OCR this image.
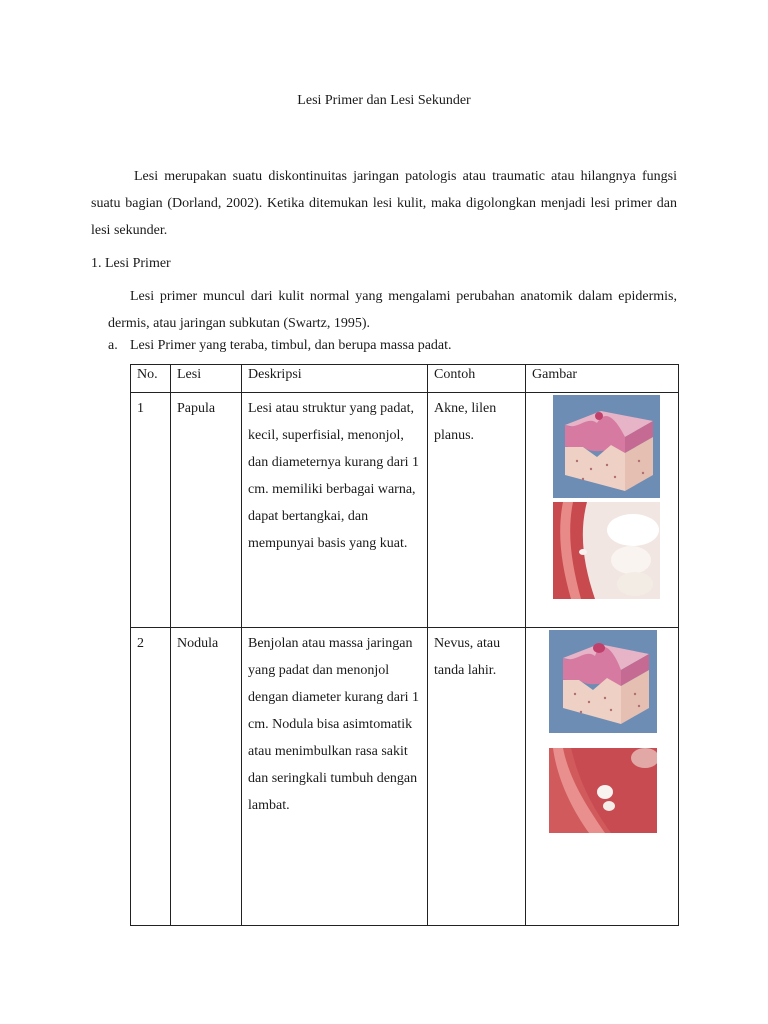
Lesi Primer dan Lesi Sekunder
Lesi merupakan suatu diskontinuitas jaringan patologis atau traumatic atau hilangnya fungsi suatu bagian (Dorland, 2002). Ketika ditemukan lesi kulit, maka digolongkan menjadi lesi primer dan lesi sekunder.
1. Lesi Primer
Lesi primer muncul dari kulit normal yang mengalami perubahan anatomik dalam epidermis, dermis, atau jaringan subkutan (Swartz, 1995).
a. Lesi Primer yang teraba, timbul, dan berupa massa padat.
No.	Lesi	Deskripsi	Contoh	Gambar
1	Papula	Lesi atau struktur yang padat, kecil, superfisial, menonjol, dan diameternya kurang dari 1 cm. memiliki berbagai warna, dapat bertangkai, dan mempunyai basis yang kuat.	Akne, lilen planus.	

2	Nodula	Benjolan atau massa jaringan yang padat dan menonjol dengan diameter kurang dari 1 cm. Nodula bisa asimtomatik atau menimbulkan rasa sakit dan seringkali tumbuh dengan lambat.	Nevus, atau tanda lahir.	
